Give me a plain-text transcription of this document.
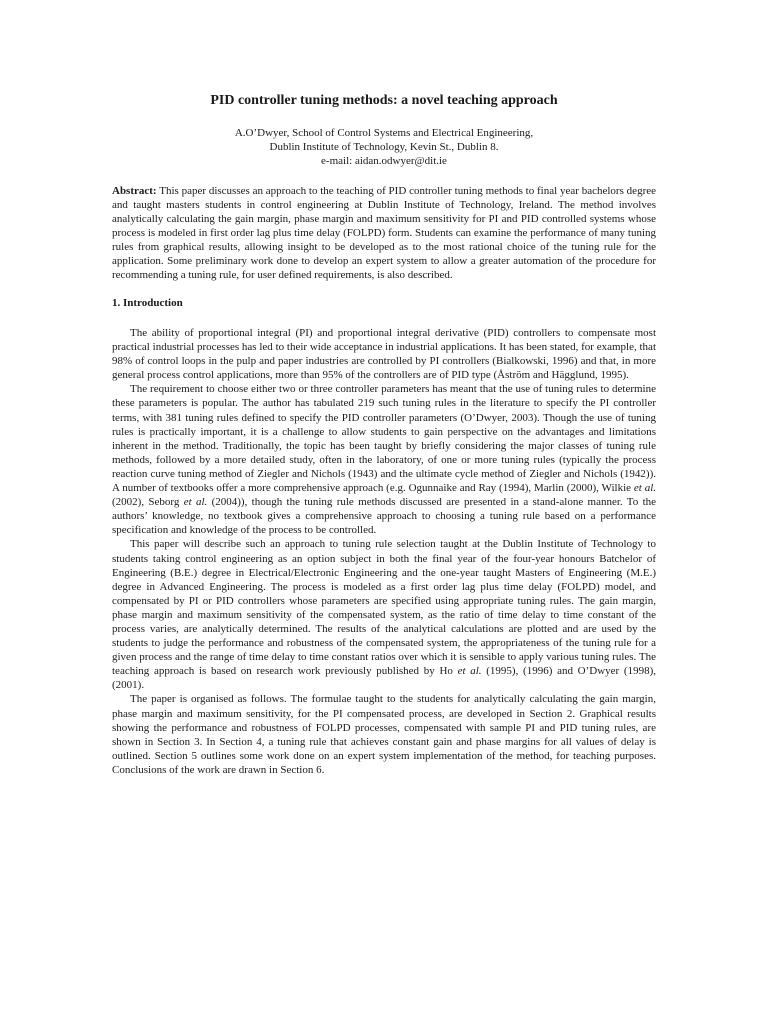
PID controller tuning methods: a novel teaching approach
A.O’Dwyer, School of Control Systems and Electrical Engineering,
Dublin Institute of Technology, Kevin St., Dublin 8.
e-mail: aidan.odwyer@dit.ie

Abstract: This paper discusses an approach to the teaching of PID controller tuning methods to final year bachelors degree and taught masters students in control engineering at Dublin Institute of Technology, Ireland. The method involves analytically calculating the gain margin, phase margin and maximum sensitivity for PI and PID controlled systems whose process is modeled in first order lag plus time delay (FOLPD) form. Students can examine the performance of many tuning rules from graphical results, allowing insight to be developed as to the most rational choice of the tuning rule for the application. Some preliminary work done to develop an expert system to allow a greater automation of the procedure for recommending a tuning rule, for user defined requirements, is also described.

1. Introduction

The ability of proportional integral (PI) and proportional integral derivative (PID) controllers to compensate most practical industrial processes has led to their wide acceptance in industrial applications. It has been stated, for example, that 98% of control loops in the pulp and paper industries are controlled by PI controllers (Bialkowski, 1996) and that, in more general process control applications, more than 95% of the controllers are of PID type (Åström and Hägglund, 1995).

The requirement to choose either two or three controller parameters has meant that the use of tuning rules to determine these parameters is popular. The author has tabulated 219 such tuning rules in the literature to specify the PI controller terms, with 381 tuning rules defined to specify the PID controller parameters (O’Dwyer, 2003). Though the use of tuning rules is practically important, it is a challenge to allow students to gain perspective on the advantages and limitations inherent in the method. Traditionally, the topic has been taught by briefly considering the major classes of tuning rule methods, followed by a more detailed study, often in the laboratory, of one or more tuning rules (typically the process reaction curve tuning method of Ziegler and Nichols (1943) and the ultimate cycle method of Ziegler and Nichols (1942)). A number of textbooks offer a more comprehensive approach (e.g. Ogunnaike and Ray (1994), Marlin (2000), Wilkie et al. (2002), Seborg et al. (2004)), though the tuning rule methods discussed are presented in a stand-alone manner. To the authors’ knowledge, no textbook gives a comprehensive approach to choosing a tuning rule based on a performance specification and knowledge of the process to be controlled.

This paper will describe such an approach to tuning rule selection taught at the Dublin Institute of Technology to students taking control engineering as an option subject in both the final year of the four-year honours Batchelor of Engineering (B.E.) degree in Electrical/Electronic Engineering and the one-year taught Masters of Engineering (M.E.) degree in Advanced Engineering. The process is modeled as a first order lag plus time delay (FOLPD) model, and compensated by PI or PID controllers whose parameters are specified using appropriate tuning rules. The gain margin, phase margin and maximum sensitivity of the compensated system, as the ratio of time delay to time constant of the process varies, are analytically determined. The results of the analytical calculations are plotted and are used by the students to judge the performance and robustness of the compensated system, the appropriateness of the tuning rule for a given process and the range of time delay to time constant ratios over which it is sensible to apply various tuning rules. The teaching approach is based on research work previously published by Ho et al. (1995), (1996) and O’Dwyer (1998), (2001).

The paper is organised as follows. The formulae taught to the students for analytically calculating the gain margin, phase margin and maximum sensitivity, for the PI compensated process, are developed in Section 2. Graphical results showing the performance and robustness of FOLPD processes, compensated with sample PI and PID tuning rules, are shown in Section 3. In Section 4, a tuning rule that achieves constant gain and phase margins for all values of delay is outlined. Section 5 outlines some work done on an expert system implementation of the method, for teaching purposes. Conclusions of the work are drawn in Section 6.
